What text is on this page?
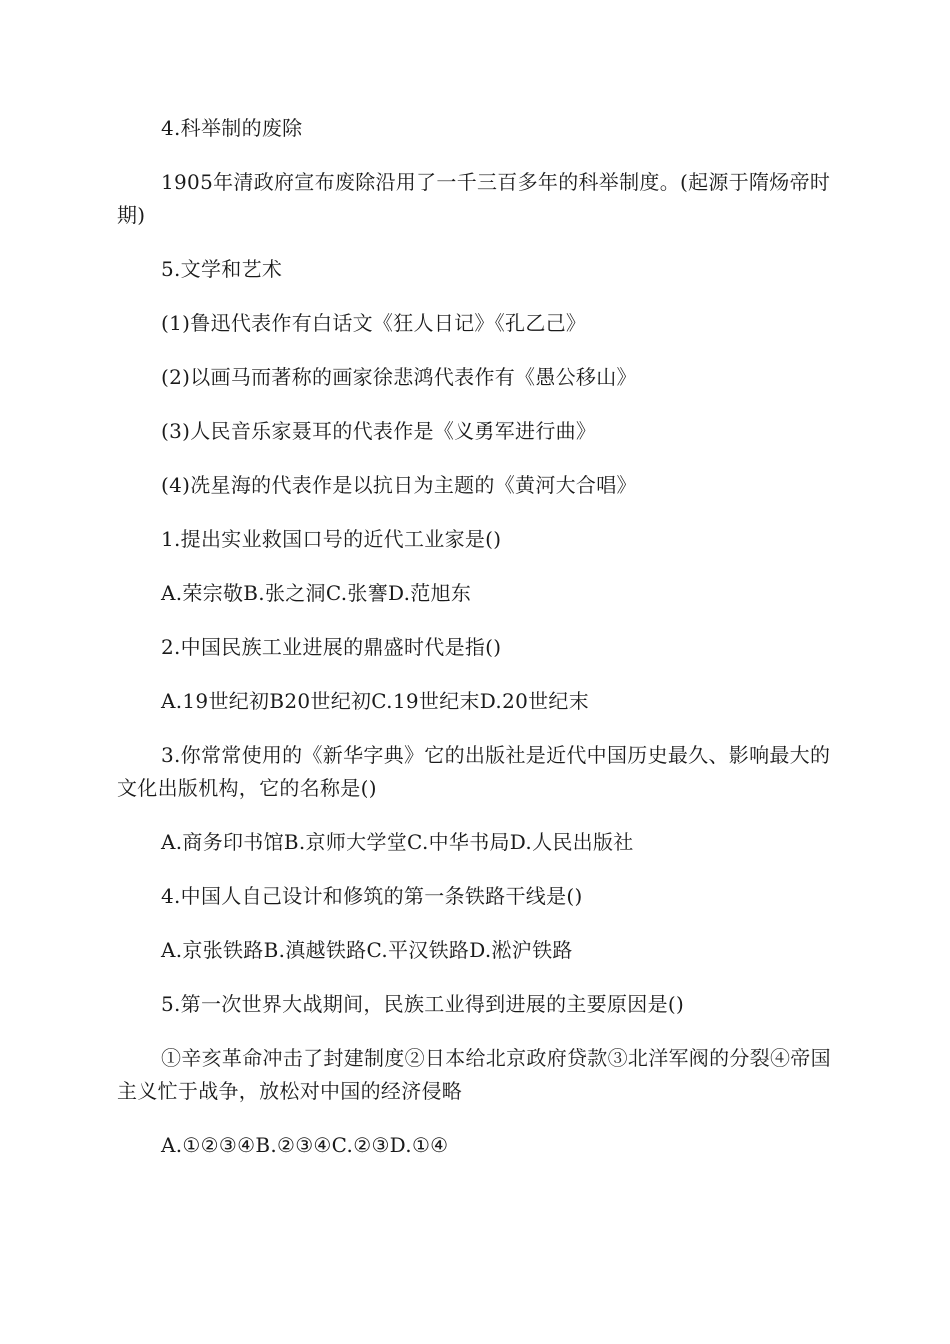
4.科举制的废除

1905年清政府宣布废除沿用了一千三百多年的科举制度。(起源于隋炀帝时期)

5.文学和艺术

(1)鲁迅代表作有白话文《狂人日记》《孔乙己》

(2)以画马而著称的画家徐悲鸿代表作有《愚公移山》

(3)人民音乐家聂耳的代表作是《义勇军进行曲》

(4)冼星海的代表作是以抗日为主题的《黄河大合唱》

1.提出实业救国口号的近代工业家是()

A.荣宗敬B.张之洞C.张謇D.范旭东

2.中国民族工业进展的鼎盛时代是指()

A.19世纪初B20世纪初C.19世纪末D.20世纪末

3.你常常使用的《新华字典》它的出版社是近代中国历史最久、影响最大的文化出版机构，它的名称是()

A.商务印书馆B.京师大学堂C.中华书局D.人民出版社

4.中国人自己设计和修筑的第一条铁路干线是()

A.京张铁路B.滇越铁路C.平汉铁路D.淞沪铁路

5.第一次世界大战期间，民族工业得到进展的主要原因是()

①辛亥革命冲击了封建制度②日本给北京政府贷款③北洋军阀的分裂④帝国主义忙于战争，放松对中国的经济侵略

A.①②③④B.②③④C.②③D.①④
